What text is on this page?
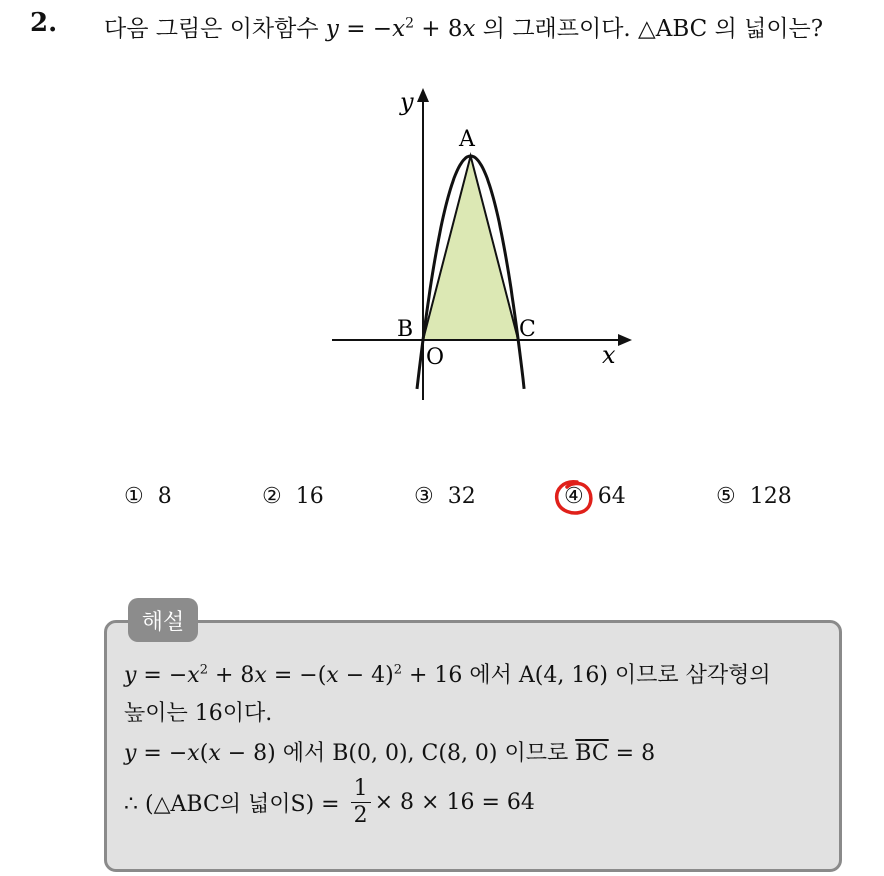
2. 다음 그림은 이차함수 $y = -x^2 + 8x$ 의 그래프이다. △ABC 의 넓이는?
y
x
A
B	C
O
① 8	② 16	③ 32	④ 64	⑤ 128
해설
$y = -x^2 + 8x = -(x - 4)^2 + 16$ 에서 A(4, 16) 이므로 삼각형의
높이는 16이다.
y = −x(x − 8) 에서 B(0, 0), C(8, 0) 이므로 $\overline{BC} = 8$
∴ (△ABC의 넓이$S) = \frac{1}{2} \times 8 \times 16 = 64$
